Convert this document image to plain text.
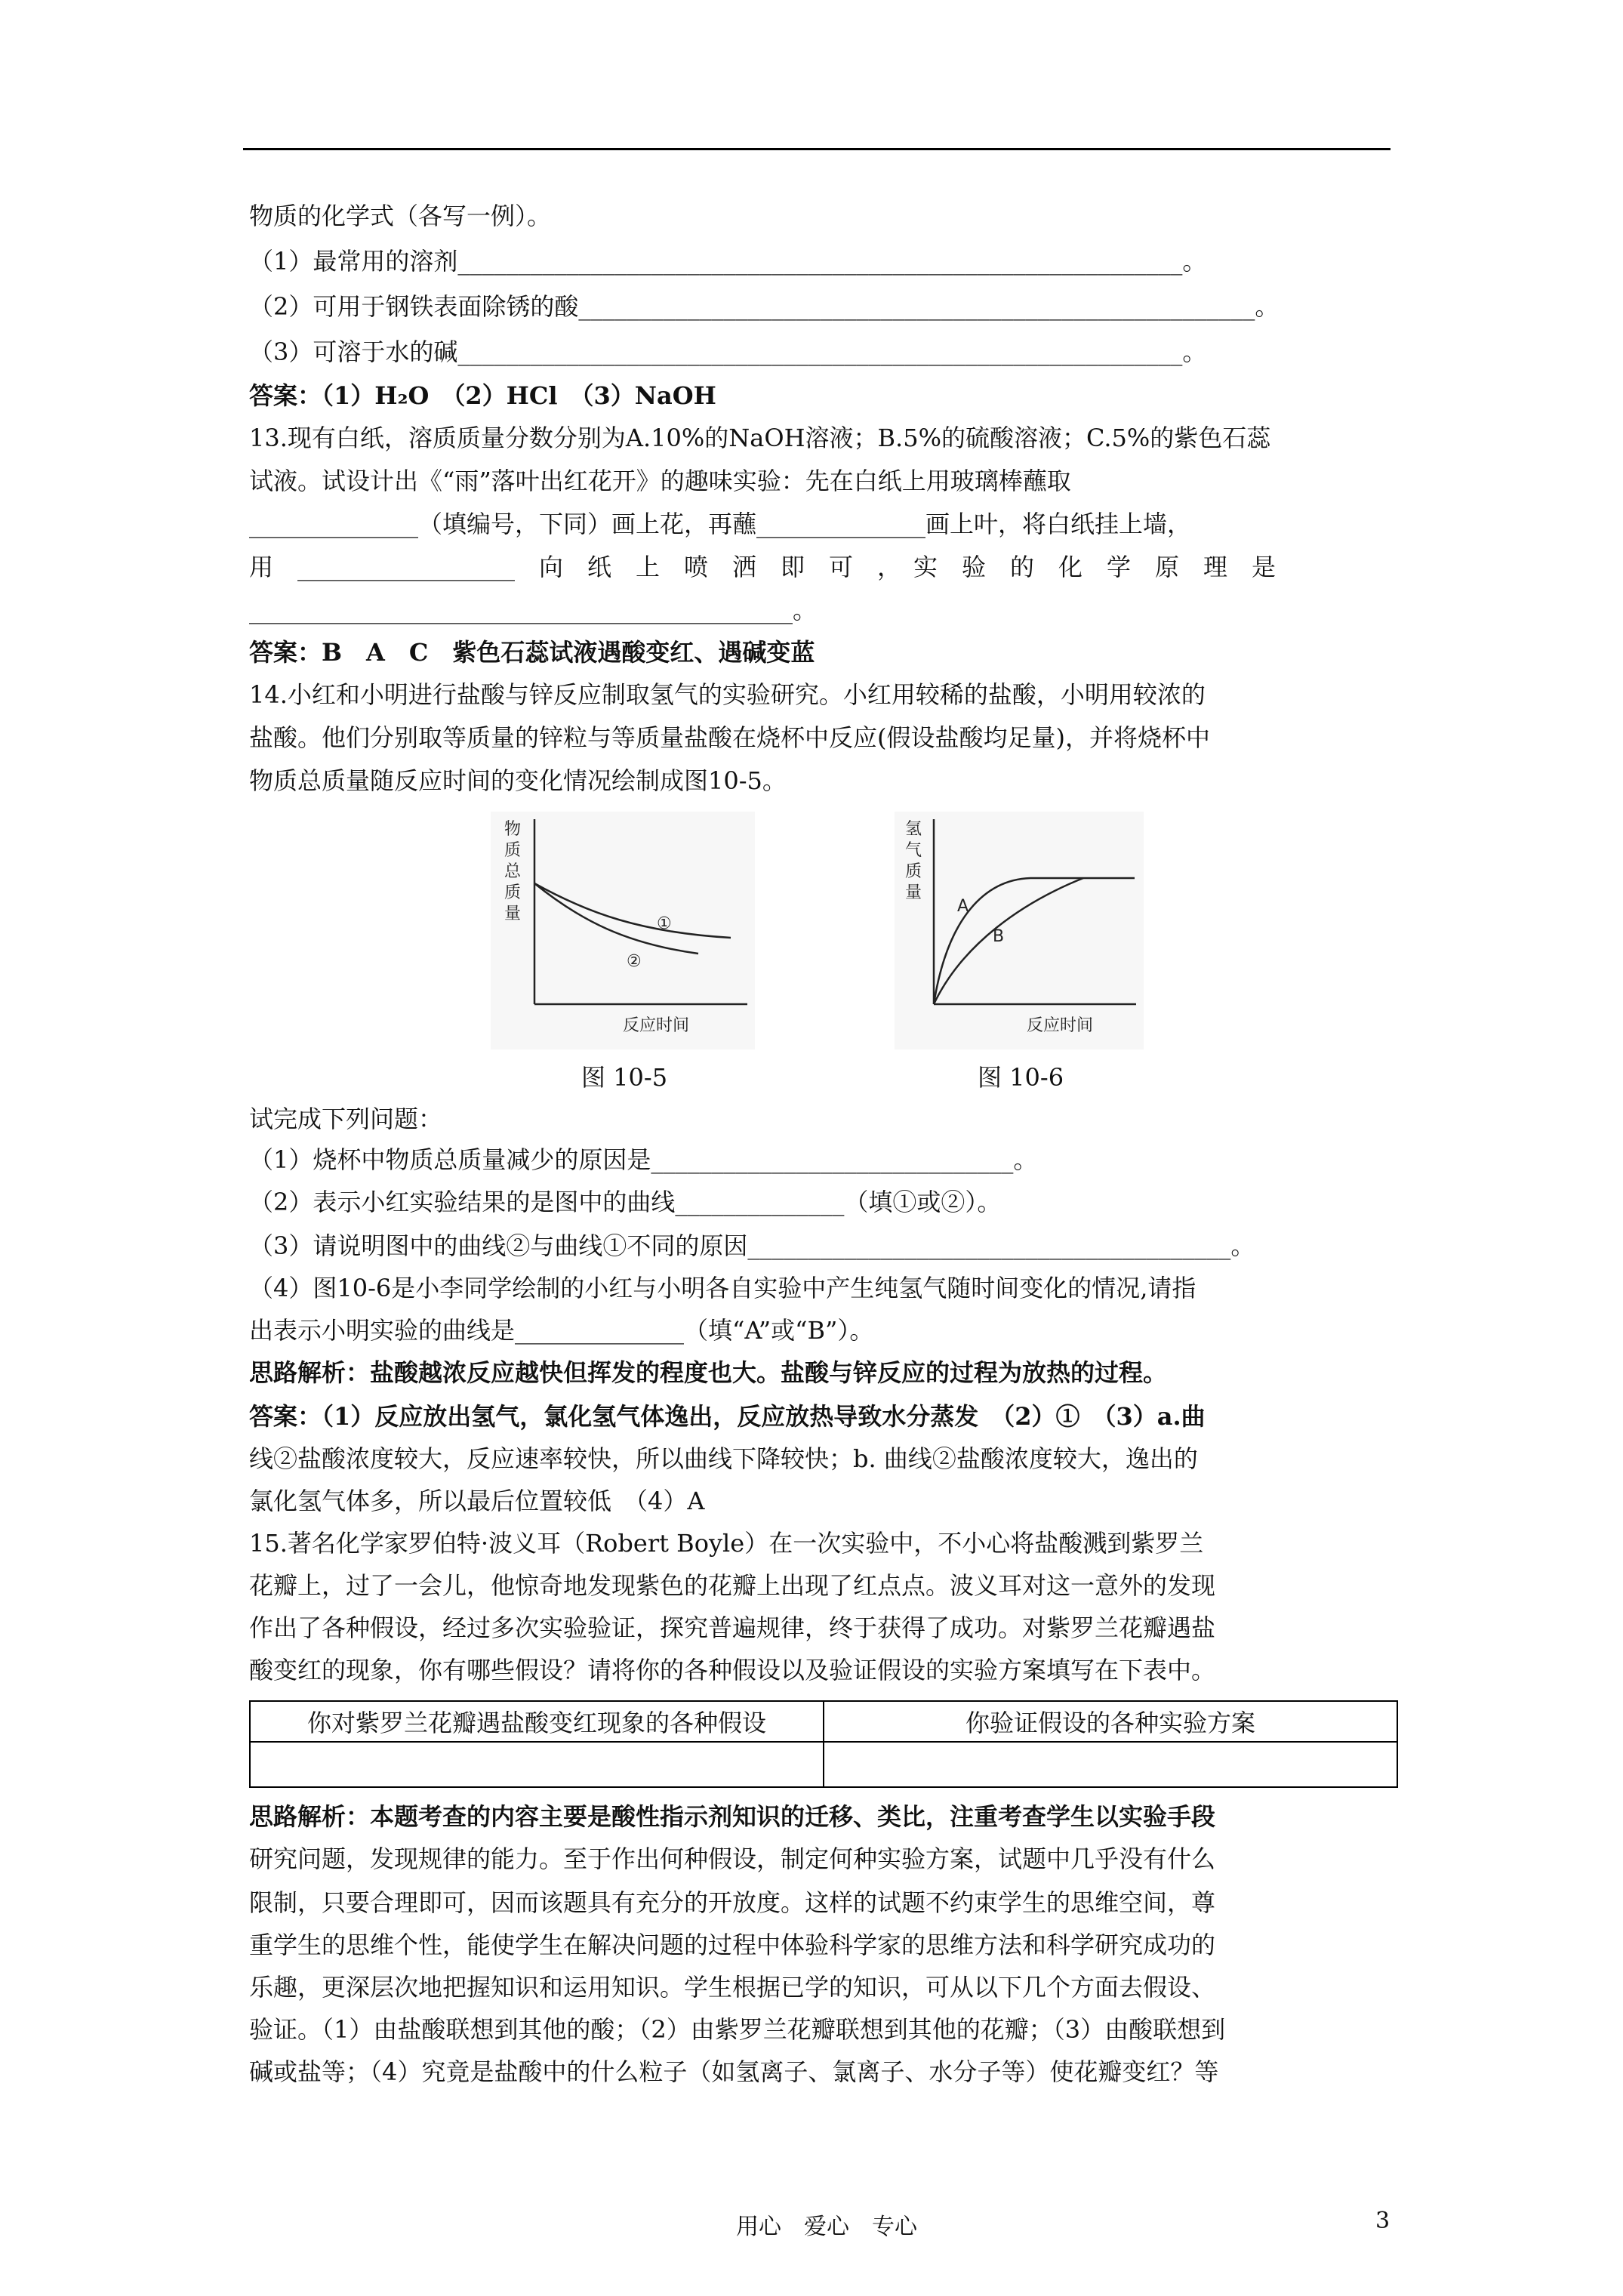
物质的化学式（各写一例）。
（1）最常用的溶剂____________________________________________________________。
（2）可用于钢铁表面除锈的酸________________________________________________________。
（3）可溶于水的碱____________________________________________________________。
答案：（1）H₂O　（2）HCl　（3）NaOH
13.现有白纸，溶质质量分数分别为A.10%的NaOH溶液；B.5%的硫酸溶液；C.5%的紫色石蕊
试液。试设计出《“雨”落叶出红花开》的趣味实验：先在白纸上用玻璃棒蘸取
______________（填编号，下同）画上花，再蘸______________画上叶，将白纸挂上墙，
用　__________________　向　纸　上　喷　洒　即　可　，　实　验　的　化　学　原　理　是
_____________________________________________。
答案：B　A　C　紫色石蕊试液遇酸变红、遇碱变蓝
14.小红和小明进行盐酸与锌反应制取氢气的实验研究。小红用较稀的盐酸，小明用较浓的
盐酸。他们分别取等质量的锌粒与等质量盐酸在烧杯中反应(假设盐酸均足量)，并将烧杯中
物质总质量随反应时间的变化情况绘制成图10-5。
物
质
总
质
量
反应时间
①
②
氢
气
质
量
反应时间
A
B
图 10-5	图 10-6
试完成下列问题：
（1）烧杯中物质总质量减少的原因是______________________________。
（2）表示小红实验结果的是图中的曲线______________（填①或②）。
（3）请说明图中的曲线②与曲线①不同的原因________________________________________。
（4）图10-6是小李同学绘制的小红与小明各自实验中产生纯氢气随时间变化的情况,请指
出表示小明实验的曲线是______________（填“A”或“B”）。
思路解析：盐酸越浓反应越快但挥发的程度也大。盐酸与锌反应的过程为放热的过程。
答案：（1）反应放出氢气，氯化氢气体逸出，反应放热导致水分蒸发　（2）①　（3）a.曲
线②盐酸浓度较大，反应速率较快，所以曲线下降较快；b. 曲线②盐酸浓度较大，逸出的
氯化氢气体多，所以最后位置较低　（4）A
15.著名化学家罗伯特·波义耳（Robert Boyle）在一次实验中，不小心将盐酸溅到紫罗兰
花瓣上，过了一会儿，他惊奇地发现紫色的花瓣上出现了红点点。波义耳对这一意外的发现
作出了各种假设，经过多次实验验证，探究普遍规律，终于获得了成功。对紫罗兰花瓣遇盐
酸变红的现象，你有哪些假设？请将你的各种假设以及验证假设的实验方案填写在下表中。
你对紫罗兰花瓣遇盐酸变红现象的各种假设	你验证假设的各种实验方案

思路解析：本题考查的内容主要是酸性指示剂知识的迁移、类比，注重考查学生以实验手段
研究问题，发现规律的能力。至于作出何种假设，制定何种实验方案，试题中几乎没有什么
限制，只要合理即可，因而该题具有充分的开放度。这样的试题不约束学生的思维空间，尊
重学生的思维个性，能使学生在解决问题的过程中体验科学家的思维方法和科学研究成功的
乐趣，更深层次地把握知识和运用知识。学生根据已学的知识，可从以下几个方面去假设、
验证。（1）由盐酸联想到其他的酸；（2）由紫罗兰花瓣联想到其他的花瓣；（3）由酸联想到
碱或盐等；（4）究竟是盐酸中的什么粒子（如氢离子、氯离子、水分子等）使花瓣变红？等
用心　爱心　专心	3
